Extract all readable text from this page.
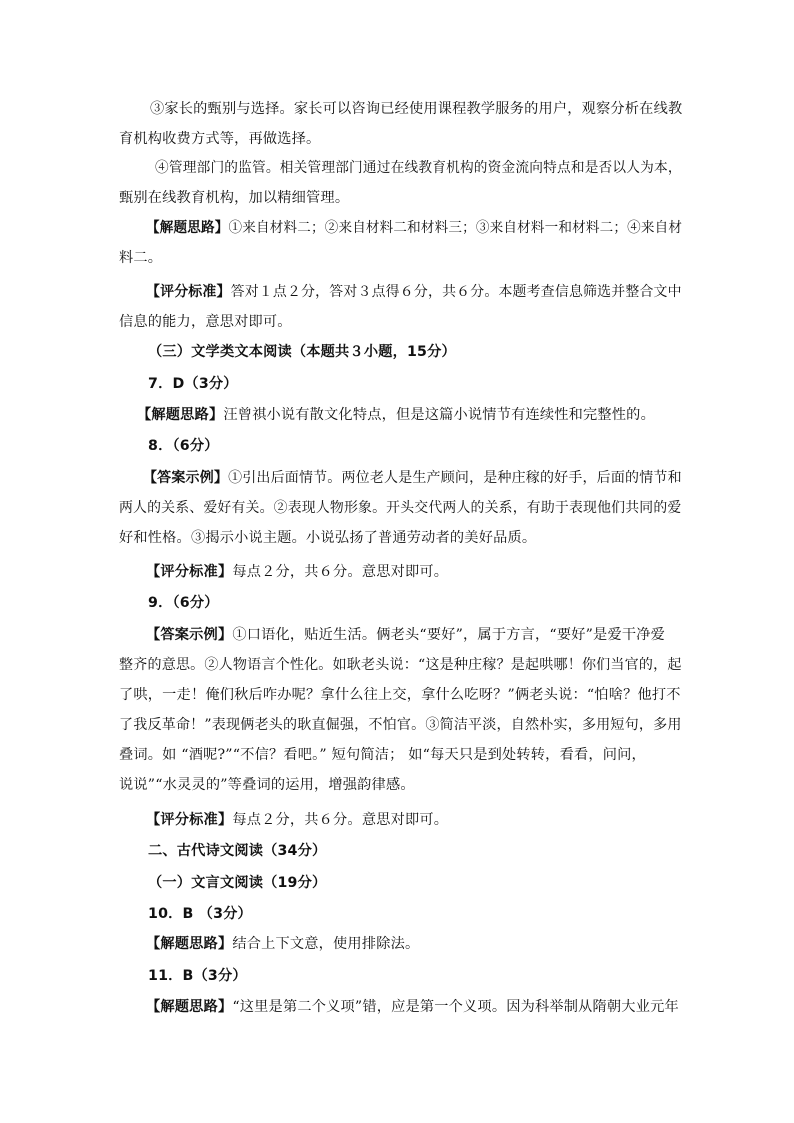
③家长的甄别与选择。家长可以咨询已经使用课程教学服务的用户，观察分析在线教
育机构收费方式等，再做选择。
④管理部门的监管。相关管理部门通过在线教育机构的资金流向特点和是否以人为本，
甄别在线教育机构，加以精细管理。
【解题思路】①来自材料二；②来自材料二和材料三；③来自材料一和材料二；④来自材
料二。
【评分标准】答对１点２分，答对３点得６分，共６分。本题考查信息筛选并整合文中
信息的能力，意思对即可。
（三）文学类文本阅读（本题共３小题，15分）
7．D（3分）
【解题思路】汪曾祺小说有散文化特点，但是这篇小说情节有连续性和完整性的。
8．（6分）
【答案示例】①引出后面情节。两位老人是生产顾问，是种庄稼的好手，后面的情节和
两人的关系、爱好有关。②表现人物形象。开头交代两人的关系，有助于表现他们共同的爱
好和性格。③揭示小说主题。小说弘扬了普通劳动者的美好品质。
【评分标准】每点２分，共６分。意思对即可。
9．（6分）
【答案示例】①口语化，贴近生活。俩老头“要好”，属于方言，“要好”是爱干净爱
整齐的意思。②人物语言个性化。如耿老头说：“这是种庄稼？是起哄哪！你们当官的，起
了哄，一走！俺们秋后咋办呢？拿什么往上交，拿什么吃呀？”俩老头说：“怕啥？他打不
了我反革命！”表现俩老头的耿直倔强，不怕官。③简洁平淡，自然朴实，多用短句，多用
叠词。如 “酒呢?”“不信？看吧。” 短句简洁； 如“每天只是到处转转，看看，问问，
说说”“水灵灵的”等叠词的运用，增强韵律感。
【评分标准】每点２分，共６分。意思对即可。
二、古代诗文阅读（34分）
（一）文言文阅读（19分）
10．B （3分）
【解题思路】结合上下文意，使用排除法。
11．B（3分）
【解题思路】“这里是第二个义项”错，应是第一个义项。因为科举制从隋朝大业元年
